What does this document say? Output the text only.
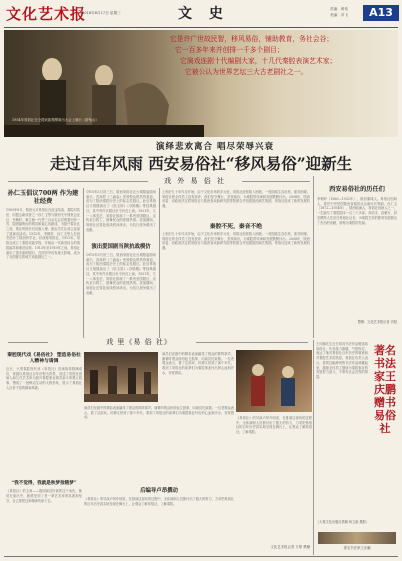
文化艺术报
2016年8月17日 星期三	文 史	责编：黄伟
美编：冯飞	A13
1954年易俗社在全国戏曲观摩演出大会上演出《游龟山》
它是许广世故民智，移风易俗，铺助教育，务社会谷；
它一百多年来并创排一千多个剧目；
它演戏连剧十代编剧大家，十几代秦腔表演艺术家；
它被公认为世界艺坛三大古老剧社之一。
演绎悲欢离合 唱尽荣辱兴衰
走过百年风雨 西安易俗社“移风易俗”迎新生
戏 外 易 俗 社
孙仁玉倡议700两 作为建社经费
1909年8月，陕西元月易俗社在此宝结束，秦腔对其世、同盟会新成者之一孙仁玉等与陕西关中国贵会业社、李桐轩，黄立朝一代等三百余名会员观看出阶一首、剧团编集出的观赏和谐心戏剧成，为振兴秦社区之前，秦社的团长们出版入理，团由学艺社成立参加了道演出活动。1912年，李桐轩、孙仁玉等人在西安创办了陕西伶学社，后改称易俗社。1912年，易俗社成立了秦腔戏曲学校，开始由一代新旧结合的秦腔编导和演员培养。1913年至1919年之间，易俗社演出了很多新的剧目，在国内外具有重大影响，成为了全国著名的地方戏曲剧社之一。
1915年3月初三日，陕西易俗社社台城隍庙剧场演出，首演的《三滴血》受到观众的热烈欢迎，成为了陕西秦腔历史上的标志性剧目。此后易俗社又相继演出了《软玉屏》《夺锦楼》等经典剧目，其中有许多剧目至今仍在上演。1931年，九一八事变后，易俗社排演了一系列爱国剧目，宣传抗日救亡，鼓舞民众的爱国热情。抗战期间，易俗社还曾赴前线慰问演出，为抗日战争做出了贡献。
演出爱国剧当陕抗战模仿
1915年3月初三日，陕西易俗社社台城隍庙剧场演出，首演的《三滴血》受到观众的热烈欢迎，成为了陕西秦腔历史上的标志性剧目。此后易俗社又相继演出了《软玉屏》《夺锦楼》等经典剧目，其中有许多剧目至今仍在上演。1931年，九一八事变后，易俗社排演了一系列爱国剧目，宣传抗日救亡，鼓舞民众的爱国热情。抗战期间，易俗社还曾赴前线慰问演出，为抗日战争做出了贡献。
上世纪九十年代末开始，由于文化市场的多元化，易俗社经营陷入困境，一度面临生存危机。面对困境，易俗社的全体员工没有放弃，他们坚守舞台，坚持演出，为秦腔的传承和发展默默付出。2008年，陕西省委、省政府决定将易俗社与陕西省戏曲研究院等院团合并组建陕西演艺集团，易俗社迎来了新的发展机遇。
秦腔不死，秦音不绝
上世纪九十年代末开始，由于文化市场的多元化，易俗社经营陷入困境，一度面临生存危机。面对困境，易俗社的全体员工没有放弃，他们坚守舞台，坚持演出，为秦腔的传承和发展默默付出。2008年，陕西省委、省政府决定将易俗社与陕西省戏曲研究院等院团合并组建陕西演艺集团，易俗社迎来了新的发展机遇。
西安易俗社的历任们
李桐轩（1860—1932年），陕西蒲城人。易俗社创始人，曾任中华民国陕西省临时议会副议长等职。孙仁玉（1872—1934年），陕西临潼人，易俗社创始人之一，一生编写了秦腔剧本一百三十多部。高培支、范紫东、封至模等人先后任易俗社社长，为秦腔艺术的繁荣发展做出了杰出的贡献，被称为秦腔的先驱。
整理：文化艺术报记者 冯阳
戏 里《易 俗 社》
秦腔现代戏《易俗社》 塑造易俗社人精神与请调
近日，大型秦腔现代戏《易俗社》首演取得圆满成功，该剧以易俗社百年历程为背景，讲述了易俗社创始人和几代艺术家为振兴秦腔事业艰苦奋斗的感人故事，塑造了一批鲜活生动的人物形象，展示了易俗社人百折不挠的精神风貌。
“我不觉得，我就是秋梦捡随梦”
《易俗社》的主角——剧团演员扮演的这个角色，她说在演出中，她感受到了老一辈艺术家的执着和坚守，自己要把这种精神传承下去。
演员们在剧中的精彩表演赢得了观众的阵阵掌声，谢幕时观众纷纷起立鼓掌，向演员们致敬。一位老观众表示，看了这部戏，仿佛又回到了那个年代，看到了易俗社的前辈们为秦腔事业付出的心血和汗水，非常感动。
演员们在剧中的精彩表演赢得了观众的阵阵掌声，谢幕时观众纷纷起立鼓掌，向演员们致敬。一位老观众表示，看了这部戏，仿佛又回到了那个年代，看到了易俗社的前辈们为秦腔事业付出的心血和汗水，非常感动。
后编导卢昂撰动
《易俗社》的导演卢昂介绍说，在排演这部戏的过程中，全体演职人员都付出了极大的努力，力求把易俗社的百年历史真实地呈现在舞台上，让观众了解易俗社，了解秦腔。
《易俗社》的导演卢昂介绍说，在排演这部戏的过程中，全体演职人员都付出了极大的努力，力求把易俗社的百年历史真实地呈现在舞台上，让观众了解易俗社，了解秦腔。
文化艺术报记者 方豪 樊楠
王庆鹏先生近日将其书法作品赠送给易俗社，作品笔力雄健，气势恢宏，表达了他对易俗社百年历史的敬意和对秦腔艺术的热爱。易俗社负责人表示，将把这幅珍贵的书法作品珍藏起来，激励全体员工继续为秦腔事业的发展努力奋斗，不辜负社会各界的厚望。
著名书法家王庆鹏 赠书易俗社
（大秦文化出版社供稿 杨立新 摄影）
著名书法家王庆鹏
